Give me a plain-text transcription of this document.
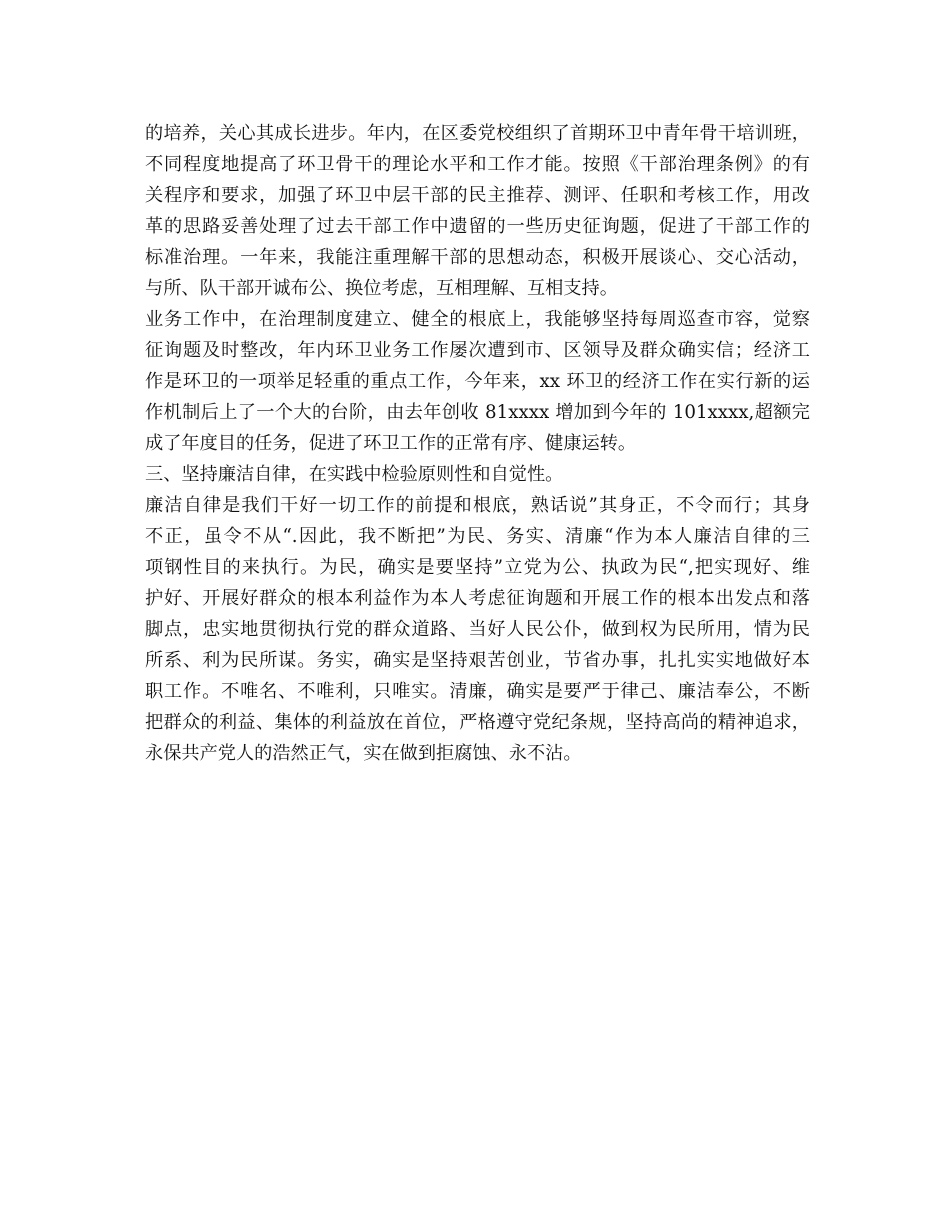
的培养，关心其成长进步。年内，在区委党校组织了首期环卫中青年骨干培训班，
不同程度地提高了环卫骨干的理论水平和工作才能。按照《干部治理条例》的有
关程序和要求，加强了环卫中层干部的民主推荐、测评、任职和考核工作，用改
革的思路妥善处理了过去干部工作中遗留的一些历史征询题，促进了干部工作的
标准治理。一年来，我能注重理解干部的思想动态，积极开展谈心、交心活动，
与所、队干部开诚布公、换位考虑，互相理解、互相支持。
业务工作中，在治理制度建立、健全的根底上，我能够坚持每周巡查市容，觉察
征询题及时整改，年内环卫业务工作屡次遭到市、区领导及群众确实信；经济工
作是环卫的一项举足轻重的重点工作，今年来，xx 环卫的经济工作在实行新的运
作机制后上了一个大的台阶，由去年创收 81xxxx 增加到今年的 101xxxx,超额完
成了年度目的任务，促进了环卫工作的正常有序、健康运转。
三、坚持廉洁自律，在实践中检验原则性和自觉性。
廉洁自律是我们干好一切工作的前提和根底，熟话说”其身正，不令而行；其身
不正，虽令不从“.因此，我不断把”为民、务实、清廉“作为本人廉洁自律的三
项钢性目的来执行。为民，确实是要坚持”立党为公、执政为民“,把实现好、维
护好、开展好群众的根本利益作为本人考虑征询题和开展工作的根本出发点和落
脚点，忠实地贯彻执行党的群众道路、当好人民公仆，做到权为民所用，情为民
所系、利为民所谋。务实，确实是坚持艰苦创业，节省办事，扎扎实实地做好本
职工作。不唯名、不唯利，只唯实。清廉，确实是要严于律己、廉洁奉公，不断
把群众的利益、集体的利益放在首位，严格遵守党纪条规，坚持高尚的精神追求，
永保共产党人的浩然正气，实在做到拒腐蚀、永不沾。
